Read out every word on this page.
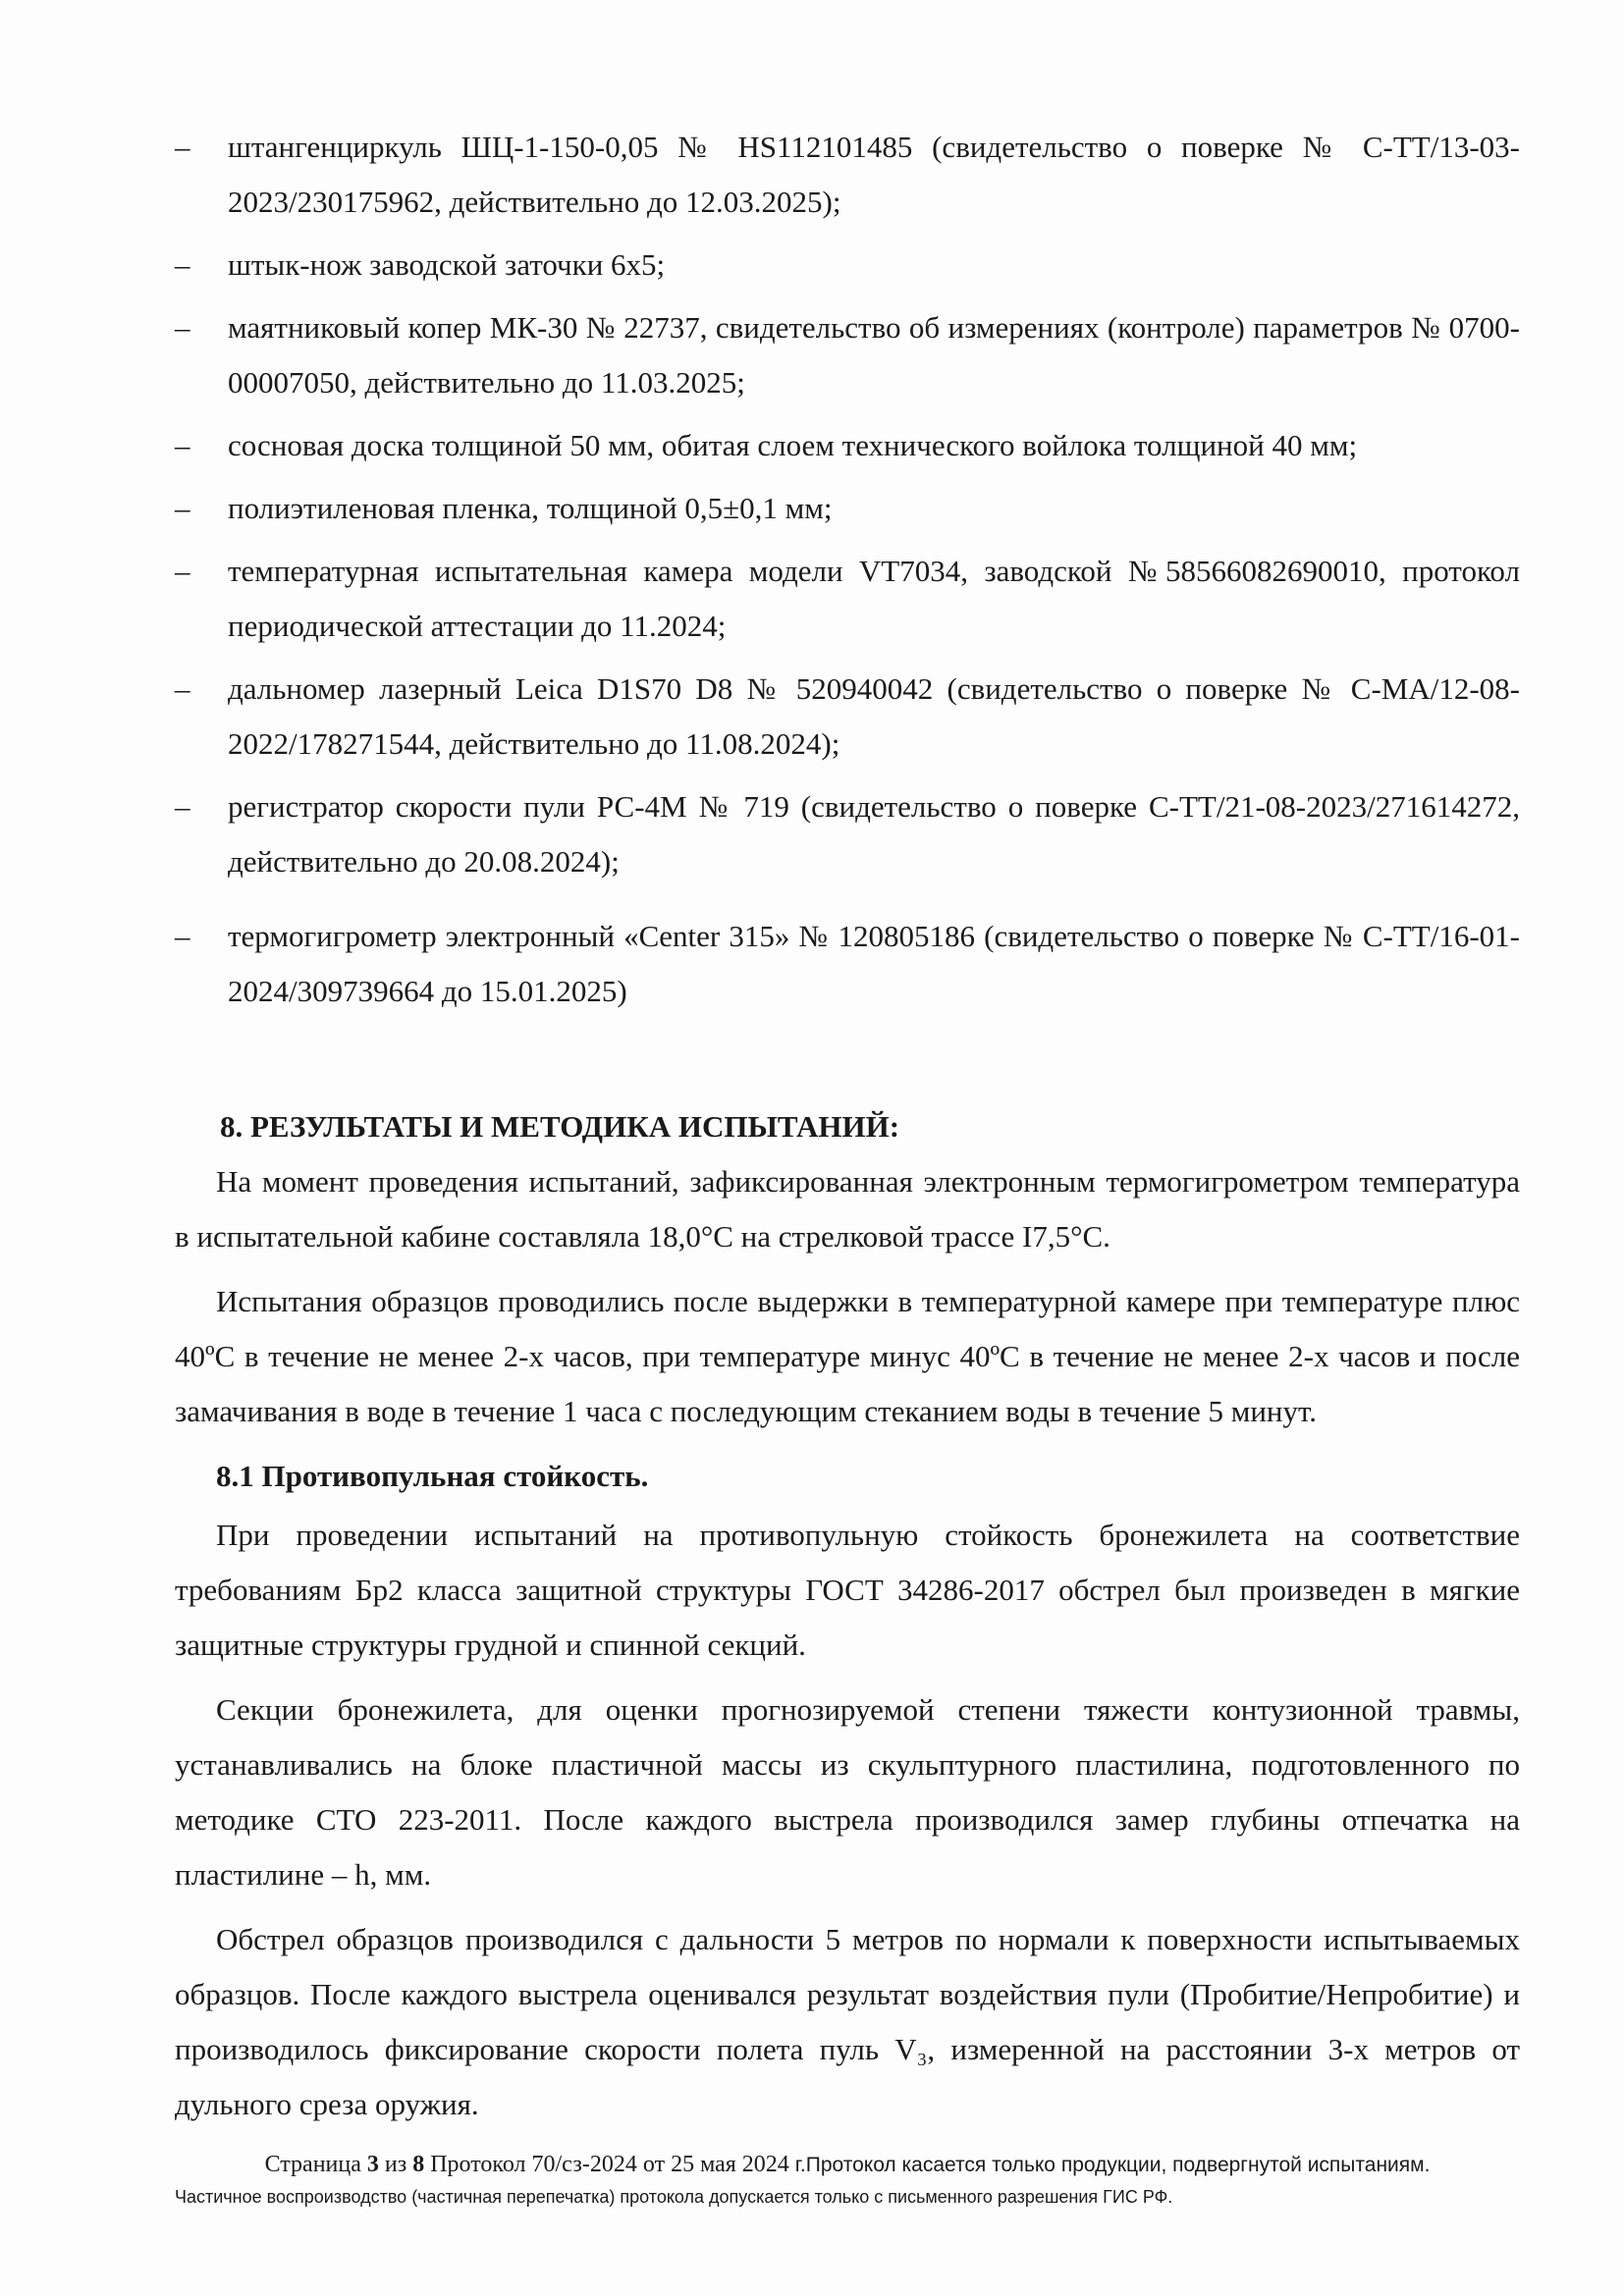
– штангенциркуль ШЦ-1-150-0,05 № HS112101485 (свидетельство о поверке № С-ТТ/13-03-2023/230175962, действительно до 12.03.2025);
– штык-нож заводской заточки 6х5;
– маятниковый копер МК-30 № 22737, свидетельство об измерениях (контроле) параметров № 0700-00007050, действительно до 11.03.2025;
– сосновая доска толщиной 50 мм, обитая слоем технического войлока толщиной 40 мм;
– полиэтиленовая пленка, толщиной 0,5±0,1 мм;
– температурная испытательная камера модели VT7034, заводской №58566082690010, протокол периодической аттестации до 11.2024;
– дальномер лазерный Leica D1S70 D8 № 520940042 (свидетельство о поверке № С-МА/12-08-2022/178271544, действительно до 11.08.2024);
– регистратор скорости пули РС-4М № 719 (свидетельство о поверке С-ТТ/21-08-2023/271614272, действительно до 20.08.2024);
– термогигрометр электронный «Center 315» № 120805186 (свидетельство о поверке № С-ТТ/16-01-2024/309739664 до 15.01.2025)
8. РЕЗУЛЬТАТЫ И МЕТОДИКА ИСПЫТАНИЙ:

На момент проведения испытаний, зафиксированная электронным термогигрометром температура в испытательной кабине составляла 18,0°С на стрелковой трассе I7,5°С.

Испытания образцов проводились после выдержки в температурной камере при температуре плюс 40ºС в течение не менее 2-х часов, при температуре минус 40ºС в течение не менее 2-х часов и после замачивания в воде в течение 1 часа с последующим стеканием воды в течение 5 минут.

8.1 Противопульная стойкость.

При проведении испытаний на противопульную стойкость бронежилета на соответствие требованиям Бр2 класса защитной структуры ГОСТ 34286-2017 обстрел был произведен в мягкие защитные структуры грудной и спинной секций.

Секции бронежилета, для оценки прогнозируемой степени тяжести контузионной травмы, устанавливались на блоке пластичной массы из скульптурного пластилина, подготовленного по методике СТО 223-2011. После каждого выстрела производился замер глубины отпечатка на пластилине – h, мм.

Обстрел образцов производился с дальности 5 метров по нормали к поверхности испытываемых образцов. После каждого выстрела оценивался результат воздействия пули (Пробитие/Непробитие) и производилось фиксирование скорости полета пуль V₃, измеренной на расстоянии 3-х метров от дульного среза оружия.

Страница 3 из 8 Протокол 70/сз-2024 от 25 мая 2024 г.Протокол касается только продукции, подвергнутой испытаниям.
Частичное воспроизводство (частичная перепечатка) протокола допускается только с письменного разрешения ГИС РФ.
